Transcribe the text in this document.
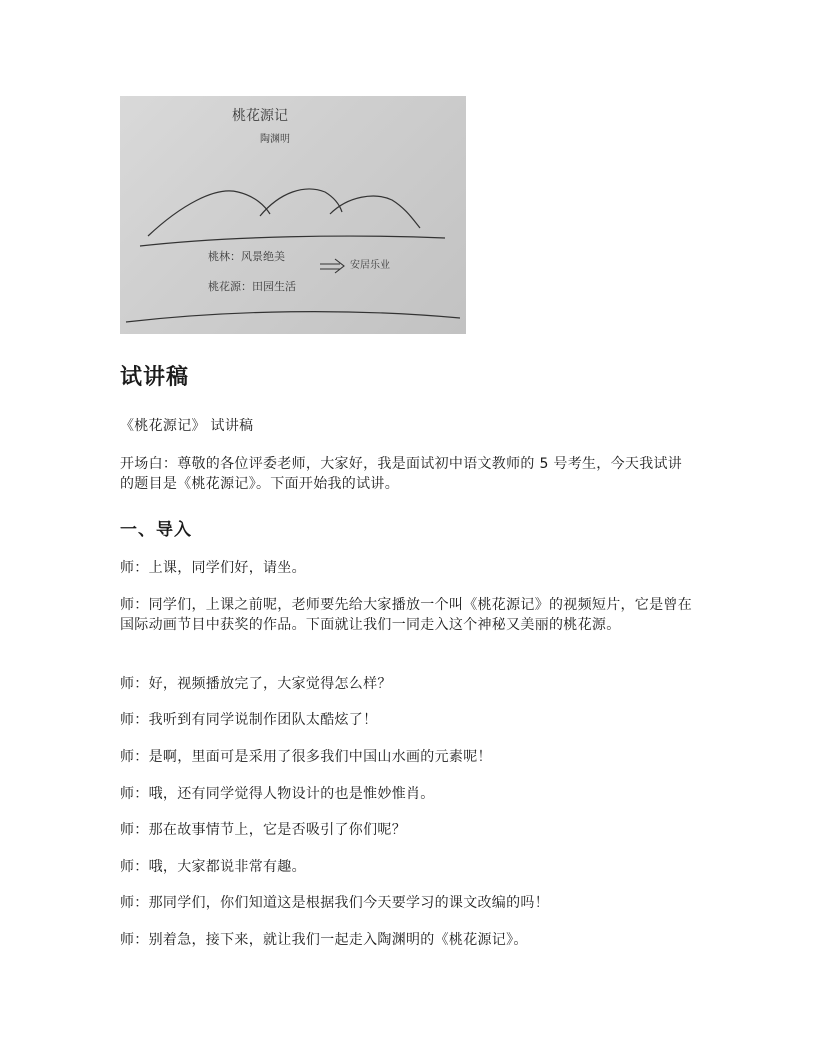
桃花源记
陶渊明
桃林：风景绝美
桃花源：田园生活
安居乐业
试讲稿

《桃花源记》 试讲稿

开场白：尊敬的各位评委老师，大家好，我是面试初中语文教师的 5 号考生，今天我试讲的题目是《桃花源记》。下面开始我的试讲。

一、导入

师：上课，同学们好，请坐。

师：同学们，上课之前呢，老师要先给大家播放一个叫《桃花源记》的视频短片，它是曾在国际动画节目中获奖的作品。下面就让我们一同走入这个神秘又美丽的桃花源。

师：好，视频播放完了，大家觉得怎么样？

师：我听到有同学说制作团队太酷炫了！

师：是啊，里面可是采用了很多我们中国山水画的元素呢！

师：哦，还有同学觉得人物设计的也是惟妙惟肖。

师：那在故事情节上，它是否吸引了你们呢？

师：哦，大家都说非常有趣。

师：那同学们，你们知道这是根据我们今天要学习的课文改编的吗！

师：别着急，接下来，就让我们一起走入陶渊明的《桃花源记》。
